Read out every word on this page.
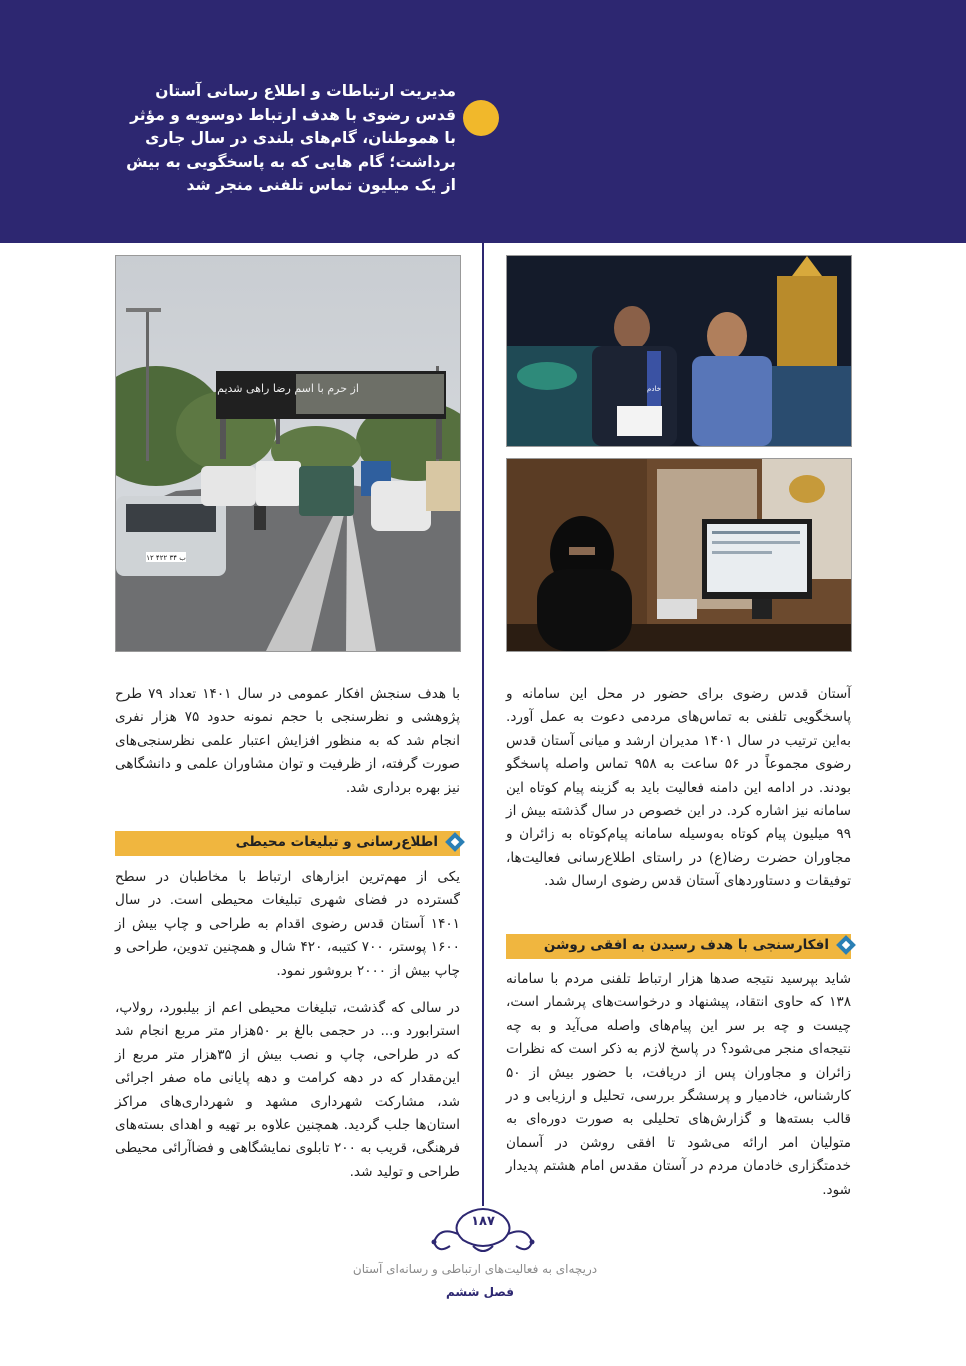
مدیریت ارتباطات و اطلاع رسانی آستان قدس رضوی با هدف ارتباط دوسویه و مؤثر با هموطنان، گام‌های بلندی در سال جاری برداشت؛ گام هایی که به پاسخگویی به بیش از یک میلیون تماس تلفنی منجر شد

از حرم با اسم رضا راهی شدیم
۱۲ ۴۲۲ ب ۳۴
خادم

آستان قدس رضوی برای حضور در محل این سامانه و پاسخگویی تلفنی به تماس‌های مردمی دعوت به عمل آورد. به‌این ترتیب در سال ۱۴۰۱ مدیران ارشد و میانی آستان قدس رضوی مجموعاً در ۵۶ ساعت به ۹۵۸ تماس واصله پاسخگو بودند. در ادامه این دامنه فعالیت باید به گزینه پیام کوتاه این سامانه نیز اشاره کرد. در این خصوص در سال گذشته بیش از ۹۹ میلیون پیام کوتاه به‌وسیله سامانه پیام‌کوتاه به زائران و مجاوران حضرت رضا(ع) در راستای اطلاع‌رسانی فعالیت‌ها، توفیقات و دستاوردهای آستان قدس رضوی ارسال شد.

افکارسنجی با هدف رسیدن به افقی روشن

شاید بپرسید نتیجه صدها هزار ارتباط تلفنی مردم با سامانه ۱۳۸ که حاوی انتقاد، پیشنهاد و درخواست‌های پرشمار است، چیست و چه بر سر این پیام‌های واصله می‌آید و به چه نتیجه‌ای منجر می‌شود؟ در پاسخ لازم به ذکر است که نظرات زائران و مجاوران پس از دریافت، با حضور بیش از ۵۰ کارشناس، خادمیار و پرسشگر بررسی، تحلیل و ارزیابی و در قالب بسته‌ها و گزارش‌های تحلیلی به صورت دوره‌ای به متولیان امر ارائه می‌شود تا افقی روشن در آسمان خدمتگزاری خادمان مردم در آستان مقدس امام هشتم پدیدار شود.

با هدف سنجش افکار عمومی در سال ۱۴۰۱ تعداد ۷۹ طرح پژوهشی و نظرسنجی با حجم نمونه حدود ۷۵ هزار نفری انجام شد که به منظور افزایش اعتبار علمی نظرسنجی‌های صورت گرفته، از ظرفیت و توان مشاوران علمی و دانشگاهی نیز بهره برداری شد.

اطلاع‌رسانی و تبلیغات محیطی

یکی از مهم‌ترین ابزارهای ارتباط با مخاطبان در سطح گسترده در فضای شهری تبلیغات محیطی است. در سال ۱۴۰۱ آستان قدس رضوی اقدام به طراحی و چاپ بیش از ۱۶۰۰ پوستر، ۷۰۰ کتیبه، ۴۲۰ شال و همچنین تدوین، طراحی و چاپ بیش از ۲۰۰۰ بروشور نمود.

در سالی که گذشت، تبلیغات محیطی اعم از بیلبورد، رولاپ، استرابورد و... در حجمی بالغ بر ۵۰هزار متر مربع انجام شد که در طراحی، چاپ و نصب بیش از ۳۵هزار متر مربع از این‌مقدار که در دهه کرامت و دهه پایانی ماه صفر اجرائی شد، مشارکت شهرداری مشهد و شهرداری‌های مراکز استان‌ها جلب گردید. همچنین علاوه بر تهیه و اهدای بسته‌های فرهنگی، قریب به ۲۰۰ تابلوی نمایشگاهی و فضاآرائی محیطی طراحی و تولید شد.

۱۸۷
دریچه‌ای به فعالیت‌های ارتباطی و رسانه‌ای آستان
فصل ششم
